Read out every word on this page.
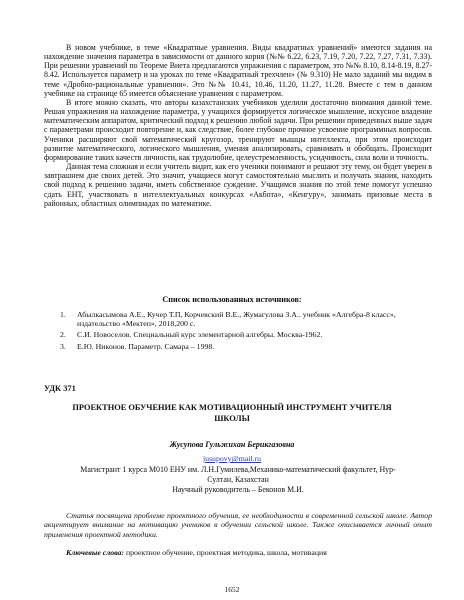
В новом учебнике, в теме «Квадратные уравнения. Виды квадратных уравнений» имеются задания на нахождение значения параметра в зависимости от данного корня (№№ 6.22, 6.23, 7.19, 7.20, 7.22, 7.27, 7.31, 7.33). При решении уравнений по Теореме Виета предлагаются упражнения с параметром, это №№ 8.10, 8.14-8.19, 8.27-8.42. Используется параметр и на уроках по теме «Квадратный трехчлен» (№ 9.310) Не мало заданий мы видим в теме «Дробно-рациональные уравнения». Это №№ 10.41, 10.46, 11.20, 11.27, 11.28. Вместе с тем в данном учебнике на странице 65 имеется объяснение уравнения с параметром.

В итоге можно сказать, что авторы казахстанских учебников уделили достаточно внимания данной теме. Решая упражнения на нахождение параметра, у учащихся формируется логическое мышление, искусное владение математическим аппаратом, критический подход к решению любой задачи. При решении приведенных выше задач с параметрами происходит повторение и, как следствие, более глубокое прочное усвоение программных вопросов. Ученики расширяют свой математический кругозор, тренируют мышцы интеллекта, при этом происходит развитие математического, логического мышления, умения анализировать, сравнивать и обобщать. Происходит формирование таких качеств личности, как трудолюбие, целеустремленность, усидчивость, сила воли и точность.

Данная тема сложная и если учитель видит, как его ученики понимают и решают эту тему, он будет уверен в завтрашнем дне своих детей. Это значит, учащиеся могут самостоятельно мыслить и получать знания, находить свой подход к решению задачи, иметь собственное суждение. Учащимся знания по этой теме помогут успешно сдать ЕНТ, участвовать в интеллектуальных конкурсах «Акбота», «Кенгуру», занимать призовые места в районных, областных олимпиадах по математике.

Список использованных источников:

1. Абылкасымова А.Е., Кучер Т.П, Корчевский В.Е., Жумагулова З.А.. учебник «Алгебра-8 класс», издательство «Мектеп», 2018,200 с.
2. С.И. Новоселов. Специальный курс элементарной алгебры. Москва-1962.
3. Е.Ю. Никонов. Параметр. Самара – 1998.
УДК 371

ПРОЕКТНОЕ ОБУЧЕНИЕ КАК МОТИВАЦИОННЫЙ ИНСТРУМЕНТ УЧИТЕЛЯ
ШКОЛЫ

Жусупова Гульжихан Берикгазовна
jusupovy@mail.ru

Магистрант 1 курса М010 ЕНУ им. Л.Н.Гумилева,Механико-математический факультет, Нур-
Султан, Казахстан
Научный руководитель – Беконов М.И.

Статья посвящена проблеме проектного обучения, ее необходимости в современной сельской школе. Автор акцентирует внимание на мотивацию учеников в обучении сельской школе. Также описывается личный опыт применения проектной методики.

Ключевые слова: проектное обучение, проектная методика, школа, мотивация

1652
